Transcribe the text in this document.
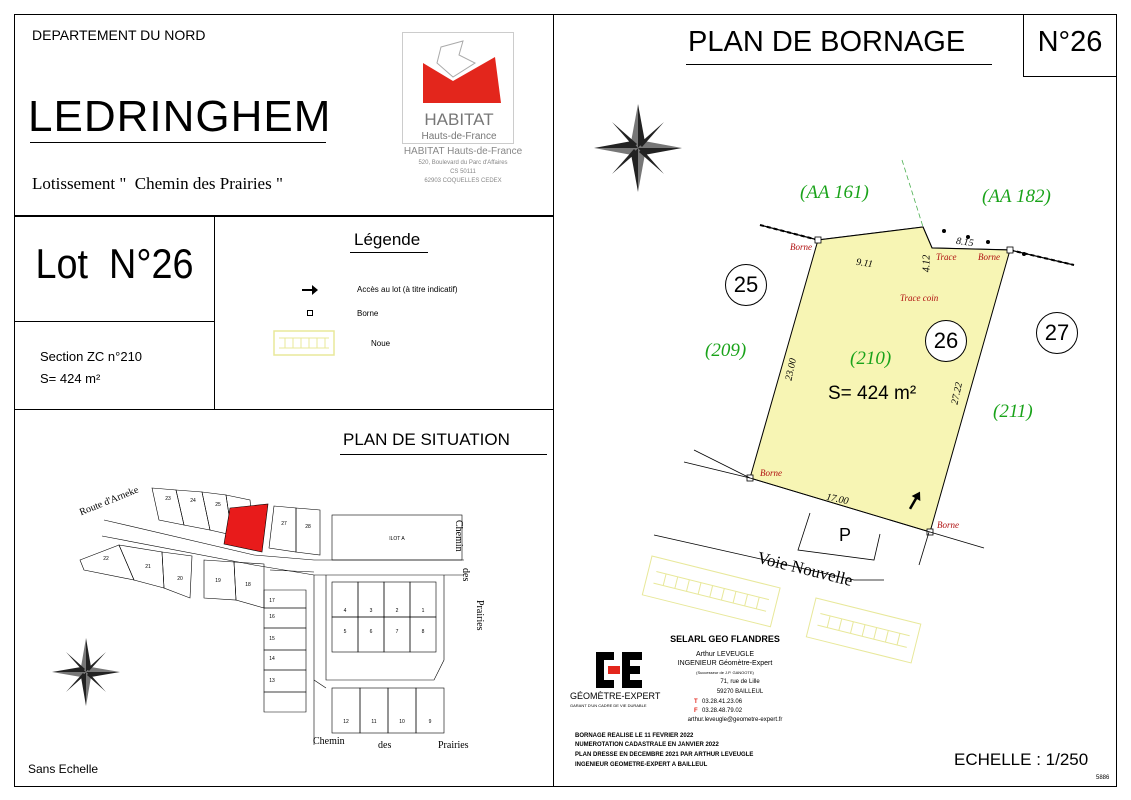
DEPARTEMENT DU NORD
LEDRINGHEM
Lotissement "  Chemin des Prairies "
HABITAT
Hauts-de-France
HABITAT Hauts-de-France
520, Boulevard du Parc d'Affaires
CS 50111
62903 COQUELLES CEDEX
Lot  N°26
Section ZC n°210
S= 424 m²
Légende
Accès au lot (à titre indicatif)
Borne
Noue
PLAN DE SITUATION
23	24
25
27	28
22
21
20	19
18
17
16
15
14
13
4	3	2	1
5	6	7	8
12	11	10	9
ILOT A
Route d'Arneke
Chemin
des
Prairies
Chemin	des	Prairies
Sans Echelle
PLAN DE BORNAGE	N°26
(AA 161)	(AA 182)
(209)	(210)
(211)
25
26	27
S= 424 m²
9.11	4.12
8.15
23.00
27.22
17.00
Borne
Trace Borne
Trace coin
Borne
Borne
P
Voie Nouvelle
GÉOMÈTRE-EXPERT
GARANT D'UN CADRE DE VIE DURABLE
SELARL GEO FLANDRES
Arthur LEVEUGLE
INGENIEUR Géomètre-Expert
(Successeur de J.P. GANOOTE)
71, rue de Lille
59270 BAILLEUL
T 03.28.41.23.06
F 03.28.48.79.02
arthur.leveugle@geometre-expert.fr
BORNAGE REALISE LE 11 FEVRIER 2022
NUMEROTATION CADASTRALE EN JANVIER 2022
PLAN DRESSE EN DECEMBRE 2021 PAR ARTHUR LEVEUGLE
INGENIEUR GEOMETRE-EXPERT A BAILLEUL	ECHELLE : 1/250
5886
